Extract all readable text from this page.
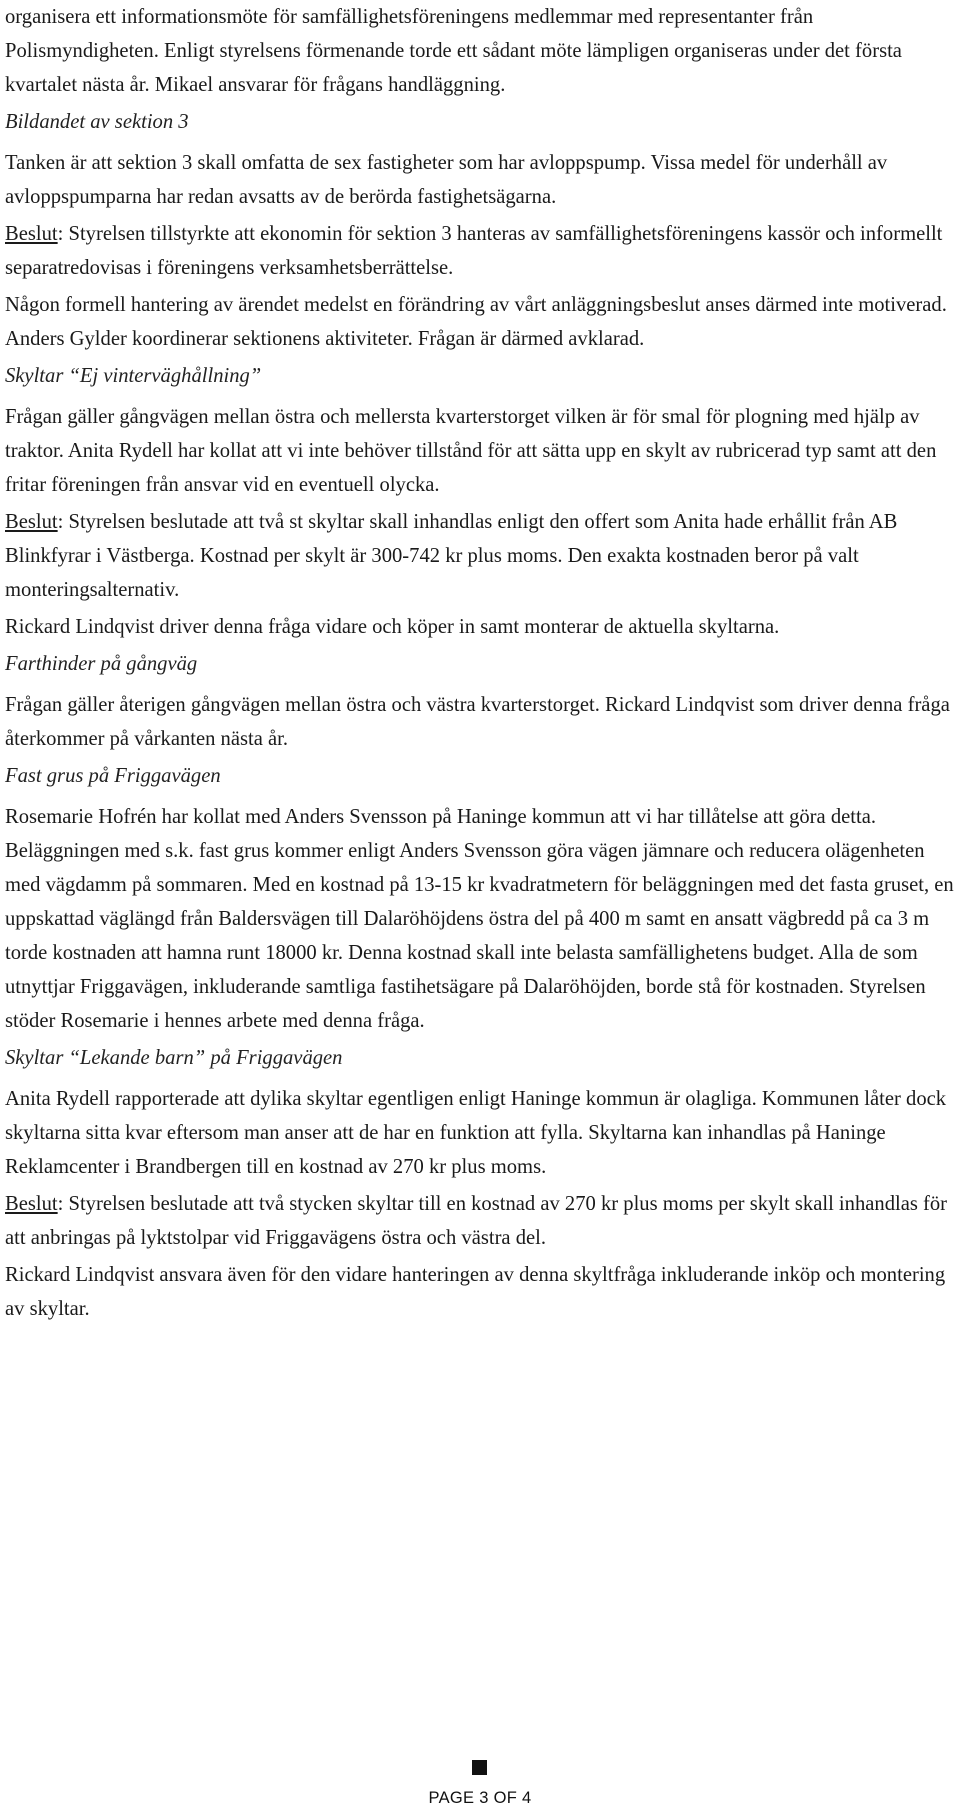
organisera ett informationsmöte för samfällighetsföreningens medlemmar med representanter från Polismyndigheten. Enligt styrelsens förmenande torde ett sådant möte lämpligen organiseras under det första kvartalet nästa år. Mikael ansvarar för frågans handläggning.

Bildandet av sektion 3

Tanken är att sektion 3 skall omfatta de sex fastigheter som har avloppspump. Vissa medel för underhåll av avloppspumparna har redan avsatts av de berörda fastighetsägarna.

Beslut: Styrelsen tillstyrkte att ekonomin för sektion 3 hanteras av samfällighetsföreningens kassör och informellt separatredovisas i föreningens verksamhetsberrättelse.

Någon formell hantering av ärendet medelst en förändring av vårt anläggningsbeslut anses därmed inte motiverad. Anders Gylder koordinerar sektionens aktiviteter. Frågan är därmed avklarad.

Skyltar “Ej vinterväghållning”

Frågan gäller gångvägen mellan östra och mellersta kvarterstorget vilken är för smal för plogning med hjälp av traktor. Anita Rydell har kollat att vi inte behöver tillstånd för att sätta upp en skylt av rubricerad typ samt att den fritar föreningen från ansvar vid en eventuell olycka.

Beslut: Styrelsen beslutade att två st skyltar skall inhandlas enligt den offert som Anita hade erhållit från AB Blinkfyrar i Västberga. Kostnad per skylt är 300-742 kr plus moms. Den exakta kostnaden beror på valt monteringsalternativ.

Rickard Lindqvist driver denna fråga vidare och köper in samt monterar de aktuella skyltarna.

Farthinder på gångväg

Frågan gäller återigen gångvägen mellan östra och västra kvarterstorget. Rickard Lindqvist som driver denna fråga återkommer på vårkanten nästa år.

Fast grus på Friggavägen

Rosemarie Hofrén har kollat med Anders Svensson på Haninge kommun att vi har tillåtelse att göra detta. Beläggningen med s.k. fast grus kommer enligt Anders Svensson göra vägen jämnare och reducera olägenheten med vägdamm på sommaren. Med en kostnad på 13-15 kr kvadratmetern för beläggningen med det fasta gruset, en uppskattad väglängd från Baldersvägen till Dalaröhöjdens östra del på 400 m samt en ansatt vägbredd på ca 3 m torde kostnaden att hamna runt 18000 kr. Denna kostnad skall inte belasta samfällighetens budget. Alla de som utnyttjar Friggavägen, inkluderande samtliga fastihetsägare på Dalaröhöjden, borde stå för kostnaden. Styrelsen stöder Rosemarie i hennes arbete med denna fråga.

Skyltar “Lekande barn” på Friggavägen

Anita Rydell rapporterade att dylika skyltar egentligen enligt Haninge kommun är olagliga. Kommunen låter dock skyltarna sitta kvar eftersom man anser att de har en funktion att fylla. Skyltarna kan inhandlas på Haninge Reklamcenter i Brandbergen till en kostnad av 270 kr plus moms.

Beslut: Styrelsen beslutade att två stycken skyltar till en kostnad av 270 kr plus moms per skylt skall inhandlas för att anbringas på lyktstolpar vid Friggavägens östra och västra del.

Rickard Lindqvist ansvara även för den vidare hanteringen av denna skyltfråga inkluderande inköp och montering av skyltar.

PAGE 3 OF 4
